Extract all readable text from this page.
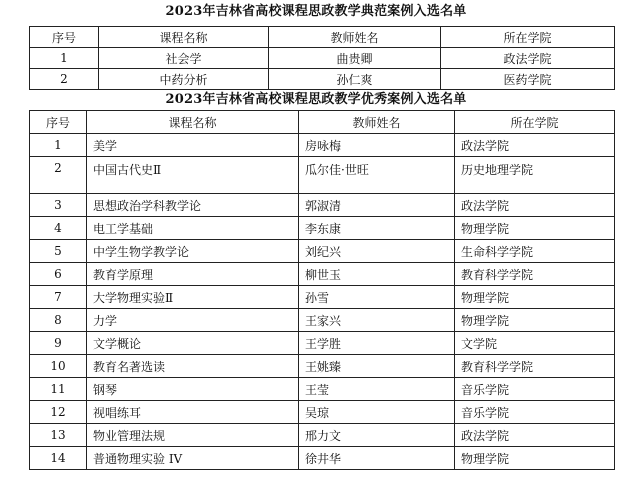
2023年吉林省高校课程思政教学典范案例入选名单
序号	课程名称	教师姓名	所在学院
1	社会学	曲贵卿	政法学院
2	中药分析	孙仁爽	医药学院
2023年吉林省高校课程思政教学优秀案例入选名单
序号	课程名称	教师姓名	所在学院
1	美学	房咏梅	政法学院
2	中国古代史Ⅱ	瓜尔佳·世旺	历史地理学院
3	思想政治学科教学论	郭淑清	政法学院
4	电工学基础	李东康	物理学院
5	中学生物学教学论	刘纪兴	生命科学学院
6	教育学原理	柳世玉	教育科学学院
7	大学物理实验Ⅱ	孙雪	物理学院
8	力学	王家兴	物理学院
9	文学概论	王学胜	文学院
10	教育名著选读	王姚臻	教育科学学院
11	钢琴	王莹	音乐学院
12	视唱练耳	吴琼	音乐学院
13	物业管理法规	邢力文	政法学院
14	普通物理实验 IV	徐井华	物理学院
